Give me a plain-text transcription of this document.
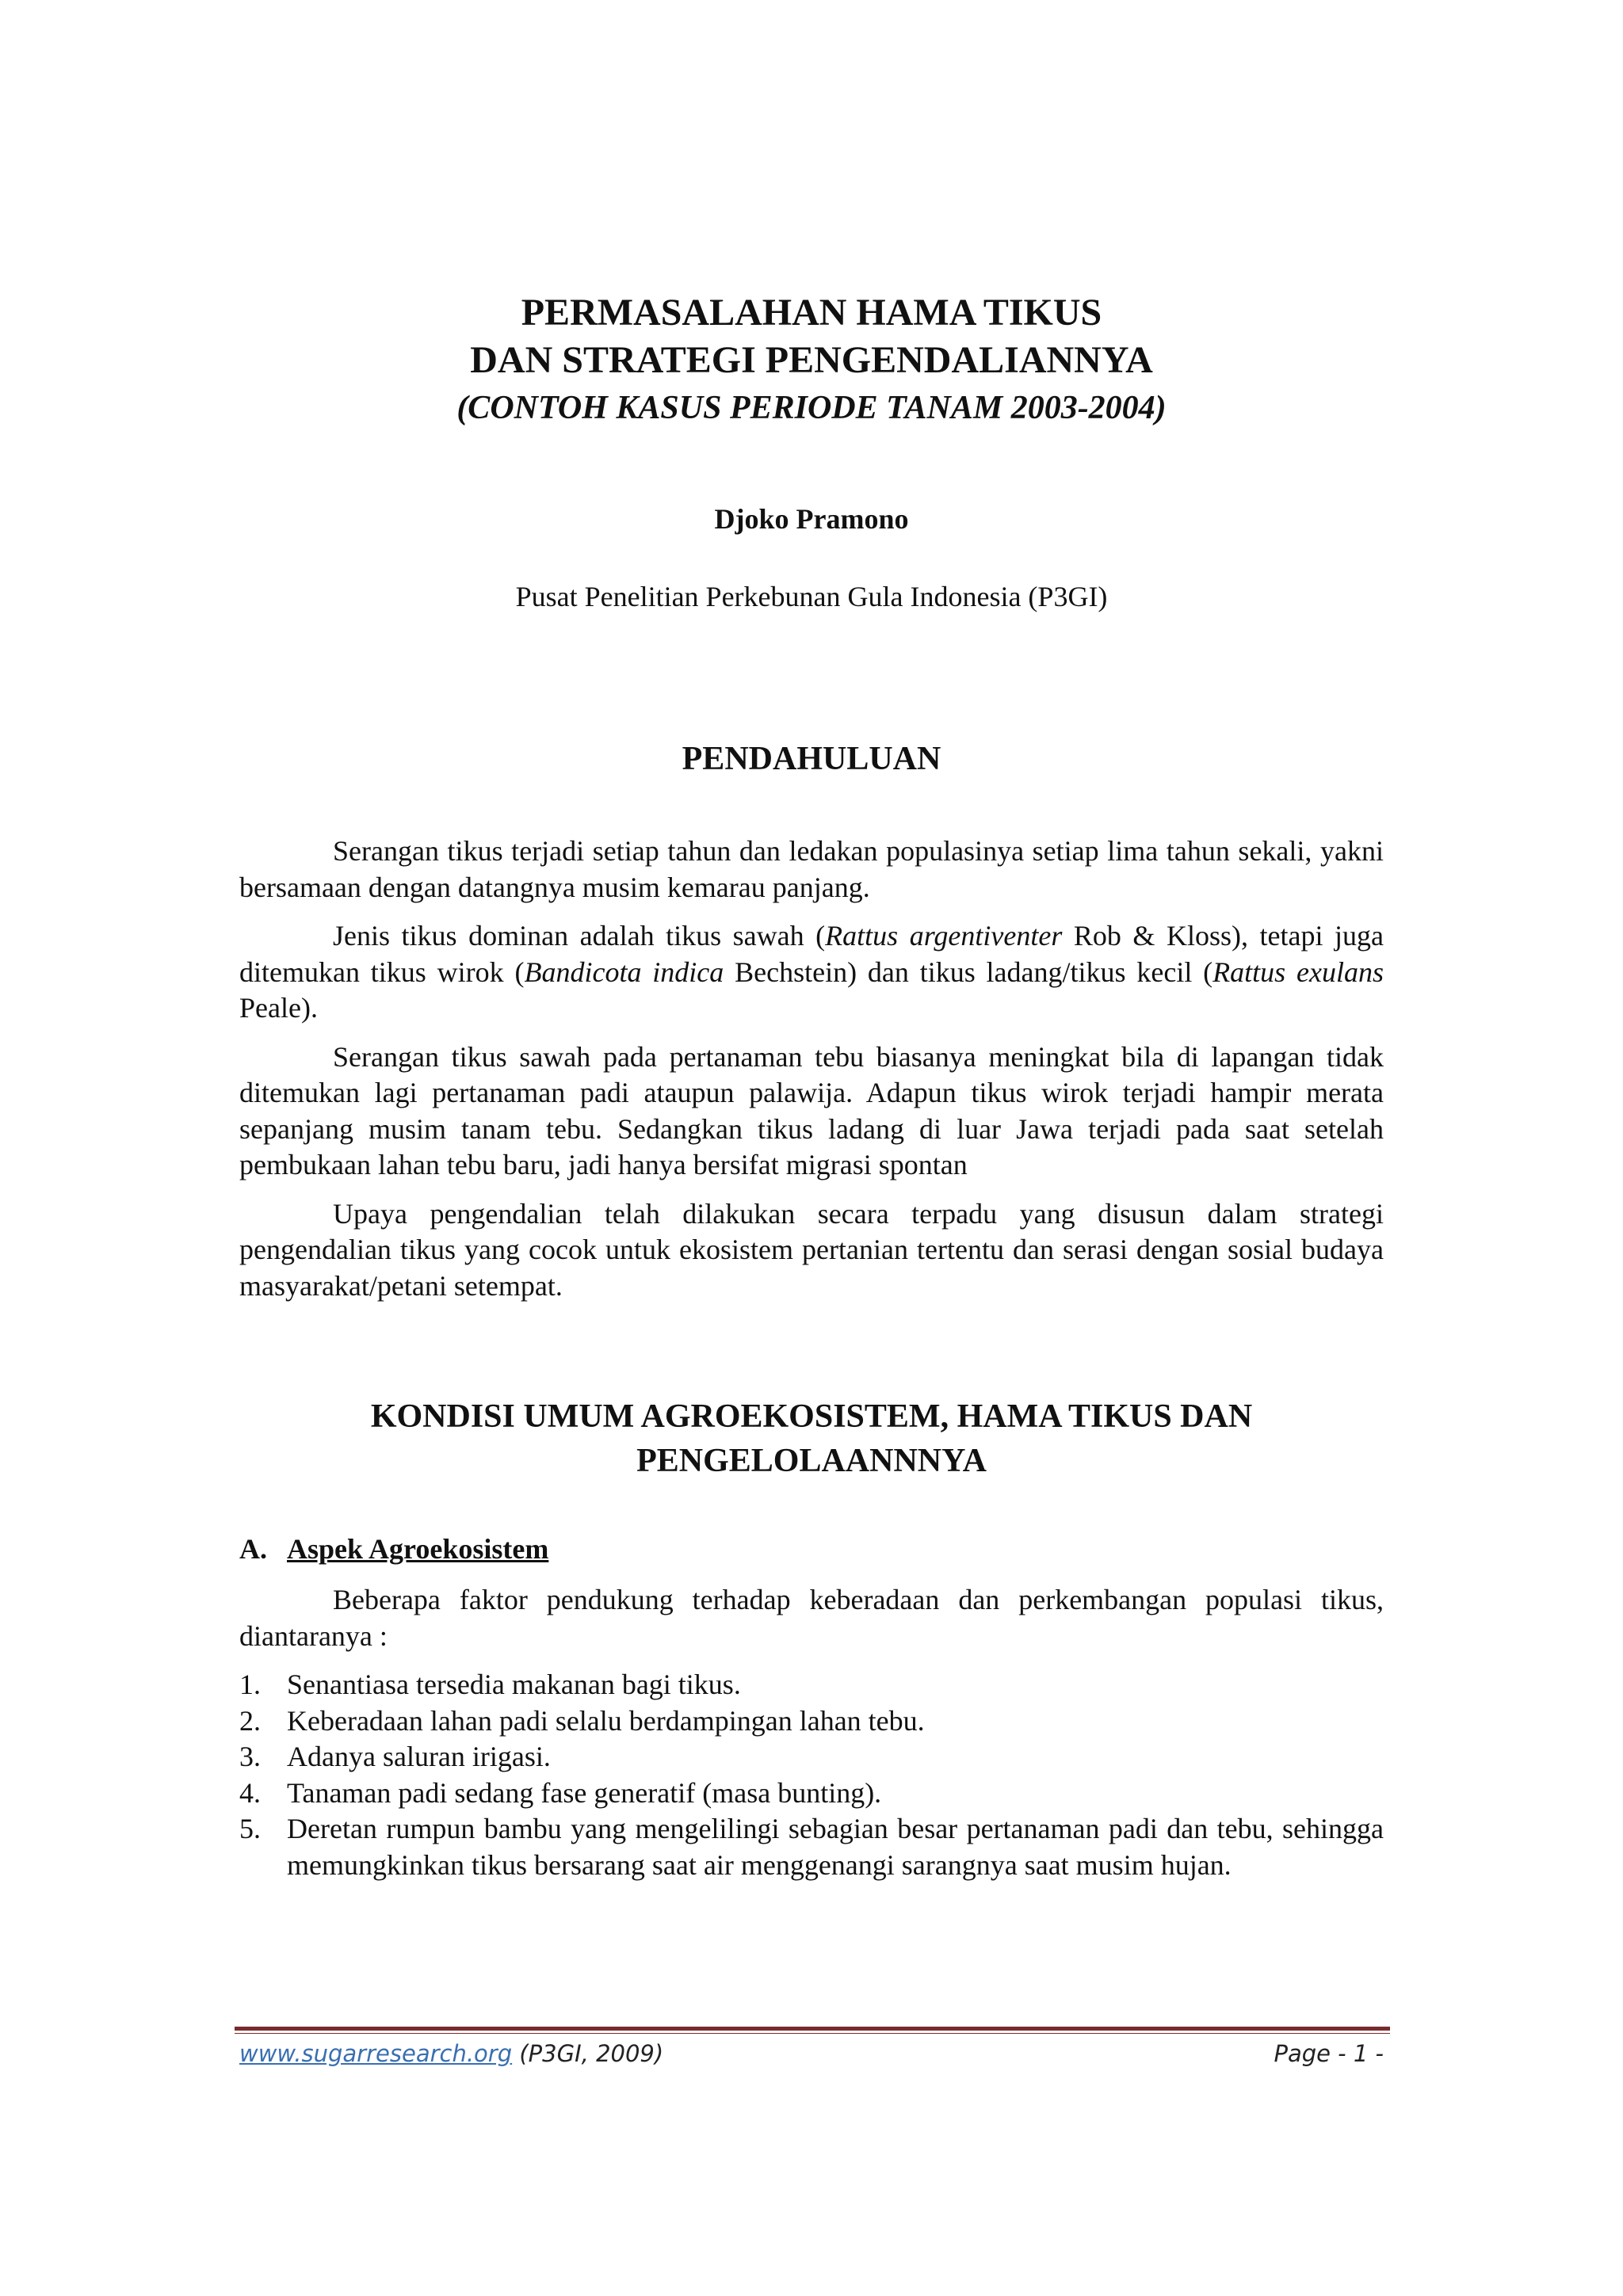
PERMASALAHAN HAMA TIKUS
DAN STRATEGI PENGENDALIANNYA
(CONTOH KASUS PERIODE TANAM 2003-2004)
Djoko Pramono
Pusat Penelitian Perkebunan Gula Indonesia (P3GI)
PENDAHULUAN

Serangan tikus terjadi setiap tahun dan ledakan populasinya setiap lima tahun sekali, yakni bersamaan dengan datangnya musim kemarau panjang.

Jenis tikus dominan adalah tikus sawah (Rattus argentiventer Rob & Kloss), tetapi juga ditemukan tikus wirok (Bandicota indica Bechstein) dan tikus ladang/tikus kecil (Rattus exulans Peale).

Serangan tikus sawah pada pertanaman tebu biasanya meningkat bila di lapangan tidak ditemukan lagi pertanaman padi ataupun palawija. Adapun tikus wirok terjadi hampir merata sepanjang musim tanam tebu. Sedangkan tikus ladang di luar Jawa terjadi pada saat setelah pembukaan lahan tebu baru, jadi hanya bersifat migrasi spontan

Upaya pengendalian telah dilakukan secara terpadu yang disusun dalam strategi pengendalian tikus yang cocok untuk ekosistem pertanian tertentu dan serasi dengan sosial budaya masyarakat/petani setempat.

KONDISI UMUM AGROEKOSISTEM, HAMA TIKUS DAN
PENGELOLAANNNYA
A. Aspek Agroekosistem

Beberapa faktor pendukung terhadap keberadaan dan perkembangan populasi tikus, diantaranya :

1. Senantiasa tersedia makanan bagi tikus.
2. Keberadaan lahan padi selalu berdampingan lahan tebu.
3. Adanya saluran irigasi.
4. Tanaman padi sedang fase generatif (masa bunting).
5. Deretan rumpun bambu yang mengelilingi sebagian besar pertanaman padi dan tebu, sehingga memungkinkan tikus bersarang saat air menggenangi sarangnya saat musim hujan.
www.sugarresearch.org (P3GI, 2009)	Page - 1 -
